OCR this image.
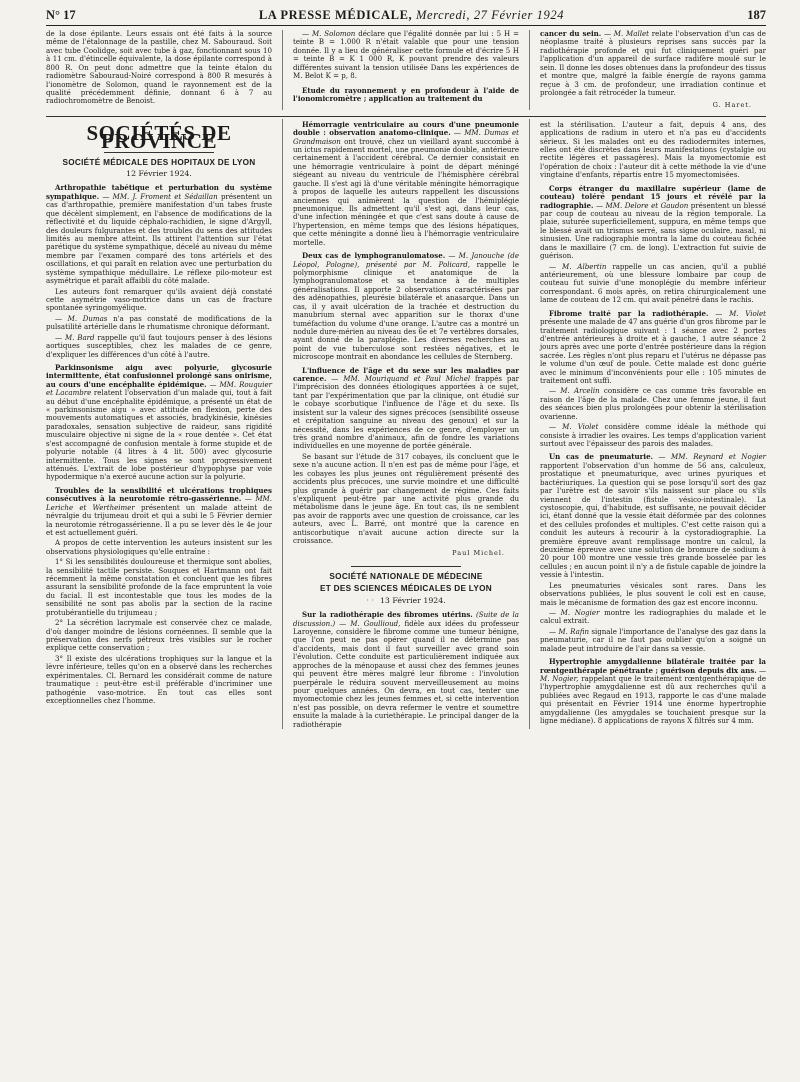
N° 17	LA PRESSE MÉDICALE, Mercredi, 27 Février 1924	187

de la dose épilante. Leurs essais ont été faits à la source même de l'étalonnage de la pastille, chez M. Sabouraud. Soit avec tube Coolidge, soit avec tube à gaz, fonctionnant sous 10 à 11 cm. d'étincelle équivalente, la dose épilante correspond à 800 R. On peut donc admettre que la teinte étalon du radiomètre Sabouraud-Noiré correspond à 800 R mesurés à l'ionomètre de Solomon, quand le rayonnement est de la qualité précédemment définie, donnant 6 à 7 au radiochromomètre de Benoist.

— M. Solomon déclare que l'égalité donnée par lui : 5 H = teinte B = 1.000 R n'était valable que pour une tension donnée. Il y a lieu de généraliser cette formule et d'écrire 5 H = teinte B = K 1 000 R, K pouvant prendre des valeurs différentes suivant la tension utilisée Dans les expériences de M. Belot K = p, 8.

Etude du rayonnement γ en profondeur à l'aide de l'ionomicromètre ; application au traitement du

cancer du sein. — M. Mallet relate l'observation d'un cas de néoplasme traité à plusieurs reprises sans succès par la radiothérapie profonde et qui fut cliniquement guéri par l'application d'un appareil de surface radifère moulé sur le sein. Il donne les doses obtenues dans la profondeur des tissus et montre que, malgré la faible énergie de rayons gamma reçue à 3 cm. de profondeur, une irradiation continue et prolongée a fait rétrocéder la tumeur.

G. Haret.
SOCIÉTÉS DE PROVINCE
SOCIÉTÉ MÉDICALE DES HOPITAUX DE LYON
12 Février 1924.

Arthropathie tabétique et perturbation du système sympathique. — MM. J. Froment et Sédaillan présentent un cas d'arthropathie, première manifestation d'un tabes fruste que décèlent simplement, en l'absence de modifications de la réflectivité et du liquide céphalo-rachidien, le signe d'Argyll, des douleurs fulgurantes et des troubles du sens des attitudes limités au membre atteint. Ils attirent l'attention sur l'état parétique du système sympathique, décelé au niveau du même membre par l'examen comparé des tons artériels et des oscillations, et qui paraît en relation avec une perturbation du système sympathique médullaire. Le réflexe pilo-moteur est asymétrique et paraît affaibli du côté malade.

Les auteurs font remarquer qu'ils avaient déjà constaté cette asymétrie vaso-motrice dans un cas de fracture spontanée syringomyélique.

— M. Dumas n'a pas constaté de modifications de la pulsatilité artérielle dans le rhumatisme chronique déformant.

— M. Bard rappelle qu'il faut toujours penser à des lésions aortiques susceptibles, chez les malades de ce genre, d'expliquer les différences d'un côté à l'autre.

Parkinsonisme aigu avec polyurie, glycosurie intermittente, état confusionnel prolongé sans onirisme, au cours d'une encéphalite épidémique. — MM. Rouquier et Lacambre relatent l'observation d'un malade qui, tout à fait au début d'une encéphalite épidémique, a présenté un état de « parkinsonisme aigu » avec attitude en flexion, perte des mouvements automatiques et associés, bradykinésie, kinésies paradoxales, sensation subjective de raideur, sans rigidité musculaire objective ni signe de la « roue dentée ». Cet état s'est accompagné de confusion mentale à forme stupide et de polyurie notable (4 litres à 4 lit. 500) avec glycosurie intermittente. Tous les signes se sont progressivement atténués. L'extrait de lobe postérieur d'hypophyse par voie hypodermique n'a exercé aucune action sur la polyurie.

Troubles de la sensibilité et ulcérations trophiques consécutives à la neurotomie rétro-gassérienne. — MM. Leriche et Wertheimer présentent un malade atteint de névralgie du trijumeau droit et qui a subi le 5 Février dernier la neurotomie rétrogassérienne. Il a pu se lever dès le 4e jour et est actuellement guéri.

A propos de cette intervention les auteurs insistent sur les observations physiologiques qu'elle entraîne :

1° Si les sensibilités douloureuse et thermique sont abolies, la sensibilité tactile persiste. Souques et Hartmann ont fait récemment la même constatation et concluent que les fibres assurant la sensibilité profonde de la face empruntent la voie du facial. Il est incontestable que tous les modes de la sensibilité ne sont pas abolis par la section de la racine protubérantielle du trijumeau ;

2° La sécrétion lacrymale est conservée chez ce malade, d'où danger moindre de lésions cornéennes. Il semble que la préservation des nerfs pétreux très visibles sur le rocher explique cette conservation ;

3° Il existe des ulcérations trophiques sur la langue et la lèvre inférieure, telles qu'on en a observé dans les recherches expérimentales. Cl. Bernard les considérait comme de nature traumatique : peut-être est-il préférable d'incriminer une pathogénie vaso-motrice. En tout cas elles sont exceptionnelles chez l'homme.

Hémorragie ventriculaire au cours d'une pneumonie double : observation anatomo-clinique. — MM. Dumas et Grandmaison ont trouvé, chez un vieillard ayant succombé à un ictus rapidement mortel, une pneumonie double, antérieure certainement à l'accident cérébral. Ce dernier consistait en une hémorragie ventriculaire à point de départ méningé siégeant au niveau du ventricule de l'hémisphère cérébral gauche. Il s'est agi là d'une véritable méningite hémorragique à propos de laquelle les auteurs rappellent les discussions anciennes qui animèrent la question de l'hémiplégie pneumonique. Ils admettent qu'il s'est agi, dans leur cas, d'une infection méningée et que c'est sans doute à cause de l'hypertension, en même temps que des lésions hépatiques, que cette méningite a donné lieu à l'hémorragie ventriculaire mortelle.

Deux cas de lymphogranulomatose. — M. Janouche (de Léopol, Pologne), présenté par M. Policard, rappelle le polymorphisme clinique et anatomique de la lymphogranulomatose et sa tendance à de multiples généralisations. Il apporte 2 observations caractérisées par des adénopathies, pleurésie bilatérale et anasarque. Dans un cas, il y avait ulcération de la trachée et destruction du manubrium sternal avec apparition sur le thorax d'une tuméfaction du volume d'une orange. L'autre cas a montré un nodule dure-mérien au niveau des 6e et 7e vertèbres dorsales, ayant donné de la paraplégie. Les diverses recherches au point de vue tuberculose sont restées négatives, et le microscope montrait en abondance les cellules de Sternberg.

L'influence de l'âge et du sexe sur les maladies par carence. — MM. Mouriquand et Paul Michel frappés par l'imprécision des données étiologiques apportées à ce sujet, tant par l'expérimentation que par la clinique, ont étudié sur le cobaye scorbutique l'influence de l'âge et du sexe. Ils insistent sur la valeur des signes précoces (sensibilité osseuse et crépitation sanguine au niveau des genoux) et sur la nécessité, dans les expériences de ce genre, d'employer un très grand nombre d'animaux, afin de fondre les variations individuelles en une moyenne de portée générale.

Se basant sur l'étude de 317 cobayes, ils concluent que le sexe n'a aucune action. Il n'en est pas de même pour l'âge, et les cobayes les plus jeunes ont régulièrement présenté des accidents plus précoces, une survie moindre et une difficulté plus grande à guérir par changement de régime. Ces faits s'expliquent peut-être par une activité plus grande du métabolisme dans le jeune âge. En tout cas, ils ne semblent pas avoir de rapports avec une question de croissance, car les auteurs, avec L. Barré, ont montré que la carence en antiscorbutique n'avait aucune action directe sur la croissance.

Paul Michel.
SOCIÉTÉ NATIONALE DE MÉDECINE
ET DES SCIENCES MÉDICALES DE LYON
· · 13 Février 1924.

Sur la radiothérapie des fibromes utérins. (Suite de la discussion.) — M. Goullioud, fidèle aux idées du professeur Laroyenne, considère le fibrome comme une tumeur bénigne, que l'on peut ne pas opérer quand il ne détermine pas d'accidents, mais dont il faut surveiller avec grand soin l'évolution. Cette conduite est particulièrement indiquée aux approches de la ménopause et aussi chez des femmes jeunes qui peuvent être mères malgré leur fibrome : l'involution puerpérale le réduira souvent merveilleusement au moins pour quelques années. On devra, en tout cas, tenter une myomectomie chez les jeunes femmes et, si cette intervention n'est pas possible, on devra refermer le ventre et soumettre ensuite la malade à la curiethérapie. Le principal danger de la radiothérapie

est la stérilisation. L'auteur a fait, depuis 4 ans, des applications de radium in utero et n'a pas eu d'accidents sérieux. Si les malades ont eu des radiodermites internes, elles ont été discrètes dans leurs manifestations (cystalgie ou rectite légères et passagères). Mais la myomectomie est l'opération de choix : l'auteur dit à cette méthode la vie d'une vingtaine d'enfants, répartis entre 15 myomectomisées.

Corps étranger du maxillaire supérieur (lame de couteau) toléré pendant 15 jours et révélé par la radiographie. — MM. Delore et Gaudon présentent un blessé par coup de couteau au niveau de la région temporale. La plaie, suturée superficiellement, suppura, en même temps que le blessé avait un trismus serré, sans signe oculaire, nasal, ni sinusien. Une radiographie montra la lame du couteau fichée dans le maxillaire (7 cm. de long). L'extraction fut suivie de guérison.

— M. Albertin rappelle un cas ancien, qu'il a publié antérieurement, où une blessure lombaire par coup de couteau fut suivie d'une monoplégie du membre inférieur correspondant. 6 mois après, on retira chirurgicalement une lame de couteau de 12 cm. qui avait pénétré dans le rachis.

Fibrome traité par la radiothérapie. — M. Violet présente une malade de 47 ans guérie d'un gros fibrome par le traitement radiologique suivant : 1 séance avec 2 portes d'entrée antérieures à droite et à gauche, 1 autre séance 2 jours après avec une porte d'entrée postérieure dans la région sacrée. Les règles n'ont plus reparu et l'utérus ne dépasse pas le volume d'un œuf de poule. Cette malade est donc guérie avec le minimum d'inconvénients pour elle : 105 minutes de traitement ont suffi.

— M. Arcelin considère ce cas comme très favorable en raison de l'âge de la malade. Chez une femme jeune, il faut des séances bien plus prolongées pour obtenir la stérilisation ovarienne.

— M. Violet considère comme idéale la méthode qui consiste à irradier les ovaires. Les temps d'application varient surtout avec l'épaisseur des parois des malades.

Un cas de pneumaturie. — MM. Reynard et Nogier rapportent l'observation d'un homme de 56 ans, calculeux, prostatique et pneumaturique, avec urines pyuriques et bactériuriques. La question qui se pose lorsqu'il sort des gaz par l'urètre est de savoir s'ils naissent sur place ou s'ils viennent de l'intestin (fistule vésico-intestinale). La cystoscopie, qui, d'habitude, est suffisante, ne pouvait décider ici, étant donné que la vessie était déformée par des colonnes et des cellules profondes et multiples. C'est cette raison qui a conduit les auteurs à recourir à la cystoradiographie. La première épreuve avant remplissage montre un calcul, la deuxième épreuve avec une solution de bromure de sodium à 20 pour 100 montre une vessie très grande bosselée par les cellules ; en aucun point il n'y a de fistule capable de joindre la vessie à l'intestin.

Les pneumaturies vésicales sont rares. Dans les observations publiées, le plus souvent le coli est en cause, mais le mécanisme de formation des gaz est encore inconnu.

— M. Nogier montre les radiographies du malade et le calcul extrait.

— M. Rafin signale l'importance de l'analyse des gaz dans la pneumaturie, car il ne faut pas oublier qu'on a soigné un malade peut introduire de l'air dans sa vessie.

Hypertrophie amygdalienne bilatérale traitée par la rœntgenthérapie pénétrante ; guérison depuis dix ans. — M. Nogier, rappelant que le traitement rœntgenthérapique de l'hypertrophie amygdalienne est dû aux recherches qu'il a publiées avec Regaud en 1913, rapporte le cas d'une malade qui présentait en Février 1914 une énorme hypertrophie amygdalienne (les amygdales se touchaient presque sur la ligne médiane). 8 applications de rayons X filtrés sur 4 mm.
